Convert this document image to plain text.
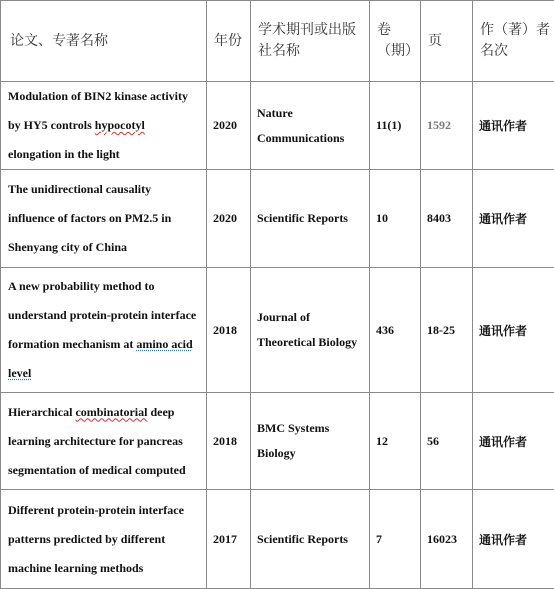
论文、专著名称	年份	学术期刊或出版社名称	卷（期）	页	作（著）者名次
Modulation of BIN2 kinase activity by HY5 controls hypocotyl elongation in the light	2020	Nature Communications	11(1)	1592	通讯作者
The unidirectional causality influence of factors on PM2.5 in Shenyang city of China	2020	Scientific Reports	10	8403	通讯作者
A new probability method to understand protein-protein interface formation mechanism at amino acid level	2018	Journal of Theoretical Biology	436	18-25	通讯作者
Hierarchical combinatorial deep learning architecture for pancreas segmentation of medical computed	2018	BMC Systems Biology	12	56	通讯作者
Different protein-protein interface patterns predicted by different machine learning methods	2017	Scientific Reports	7	16023	通讯作者
